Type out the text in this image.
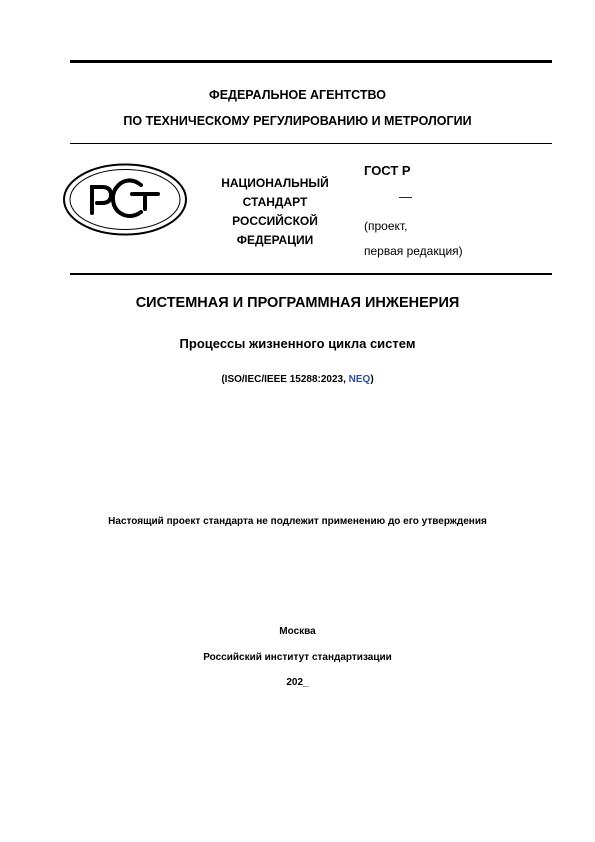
ФЕДЕРАЛЬНОЕ АГЕНТСТВО
ПО ТЕХНИЧЕСКОМУ РЕГУЛИРОВАНИЮ И МЕТРОЛОГИИ
НАЦИОНАЛЬНЫЙ
СТАНДАРТ
РОССИЙСКОЙ
ФЕДЕРАЦИИ
ГОСТ Р
—
(проект,
первая редакция)
СИСТЕМНАЯ И ПРОГРАММНАЯ ИНЖЕНЕРИЯ
Процессы жизненного цикла систем
(ISO/IEC/IEEE 15288:2023, NEQ)
Настоящий проект стандарта не подлежит применению до его утверждения
Москва
Российский институт стандартизации
202_
